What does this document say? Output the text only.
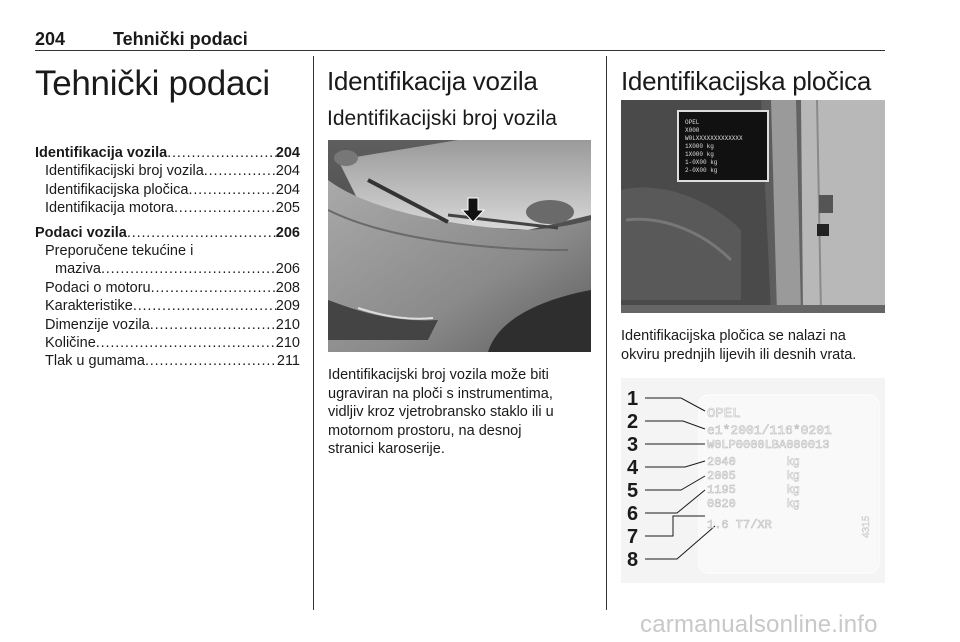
204	Tehnički podaci
Tehnički podaci
Identifikacija vozila . . .	204
Identifikacijski broj vozila . . .	204
Identifikacijska pločica . . .	204
Identifikacija motora . . .	205
Podaci vozila . . .	206
Preporučene tekućine i
maziva . . .	206
Podaci o motoru . . .	208
Karakteristike . . .	209
Dimenzije vozila . . .	210
Količine . . .	210
Tlak u gumama . . .	211
Identifikacija vozila
Identifikacijski broj vozila
Identifikacijski broj vozila može biti
ugraviran na ploči s instrumentima,
vidljiv kroz vjetrobransko staklo ili u
motornom prostoru, na desnoj
stranici karoserije.
Identifikacijska pločica
OPEL
X000
W0LXXXXXXXXXXXXX
1X000 kg
1X000 kg
1-0X00 kg
2-0X00 kg
Identifikacijska pločica se nalazi na
okviru prednjih lijevih ili desnih vrata.
1
2
3
4
5
6
7
8
OPEL
e1*2001/116*0201
W0LP0000LBA000013
2040
2005
1195
0820
1.6 T7/XR
kg
kg
kg
kg
4315
carmanualsonline.info
